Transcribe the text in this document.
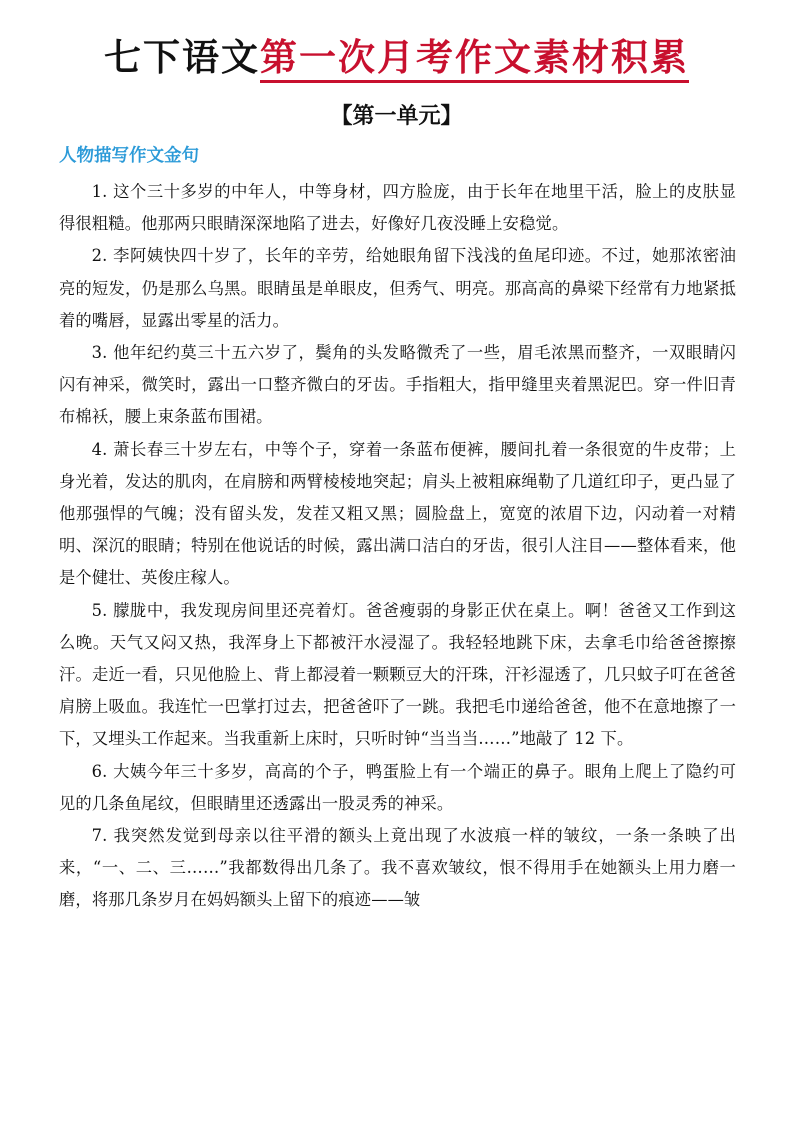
七下语文第一次月考作文素材积累
【第一单元】
人物描写作文金句

1. 这个三十多岁的中年人，中等身材，四方脸庞，由于长年在地里干活，脸上的皮肤显得很粗糙。他那两只眼睛深深地陷了进去，好像好几夜没睡上安稳觉。

2. 李阿姨快四十岁了，长年的辛劳，给她眼角留下浅浅的鱼尾印迹。不过，她那浓密油亮的短发，仍是那么乌黑。眼睛虽是单眼皮，但秀气、明亮。那高高的鼻梁下经常有力地紧抵着的嘴唇，显露出零星的活力。

3. 他年纪约莫三十五六岁了，鬓角的头发略微秃了一些，眉毛浓黑而整齐，一双眼睛闪闪有神采，微笑时，露出一口整齐微白的牙齿。手指粗大，指甲缝里夹着黑泥巴。穿一件旧青布棉袄，腰上束条蓝布围裙。

4. 萧长春三十岁左右，中等个子，穿着一条蓝布便裤，腰间扎着一条很宽的牛皮带；上身光着，发达的肌肉，在肩膀和两臂棱棱地突起；肩头上被粗麻绳勒了几道红印子，更凸显了他那强悍的气魄；没有留头发，发茬又粗又黑；圆脸盘上，宽宽的浓眉下边，闪动着一对精明、深沉的眼睛；特别在他说话的时候，露出满口洁白的牙齿，很引人注目——整体看来，他是个健壮、英俊庄稼人。

5. 朦胧中，我发现房间里还亮着灯。爸爸瘦弱的身影正伏在桌上。啊！爸爸又工作到这么晚。天气又闷又热，我浑身上下都被汗水浸湿了。我轻轻地跳下床，去拿毛巾给爸爸擦擦汗。走近一看，只见他脸上、背上都浸着一颗颗豆大的汗珠，汗衫湿透了，几只蚊子叮在爸爸肩膀上吸血。我连忙一巴掌打过去，把爸爸吓了一跳。我把毛巾递给爸爸，他不在意地擦了一下，又埋头工作起来。当我重新上床时，只听时钟“当当当……”地敲了 12 下。

6. 大姨今年三十多岁，高高的个子，鸭蛋脸上有一个端正的鼻子。眼角上爬上了隐约可见的几条鱼尾纹，但眼睛里还透露出一股灵秀的神采。

7. 我突然发觉到母亲以往平滑的额头上竟出现了水波痕一样的皱纹，一条一条映了出来，“一、二、三……”我都数得出几条了。我不喜欢皱纹，恨不得用手在她额头上用力磨一磨，将那几条岁月在妈妈额头上留下的痕迹——皱
